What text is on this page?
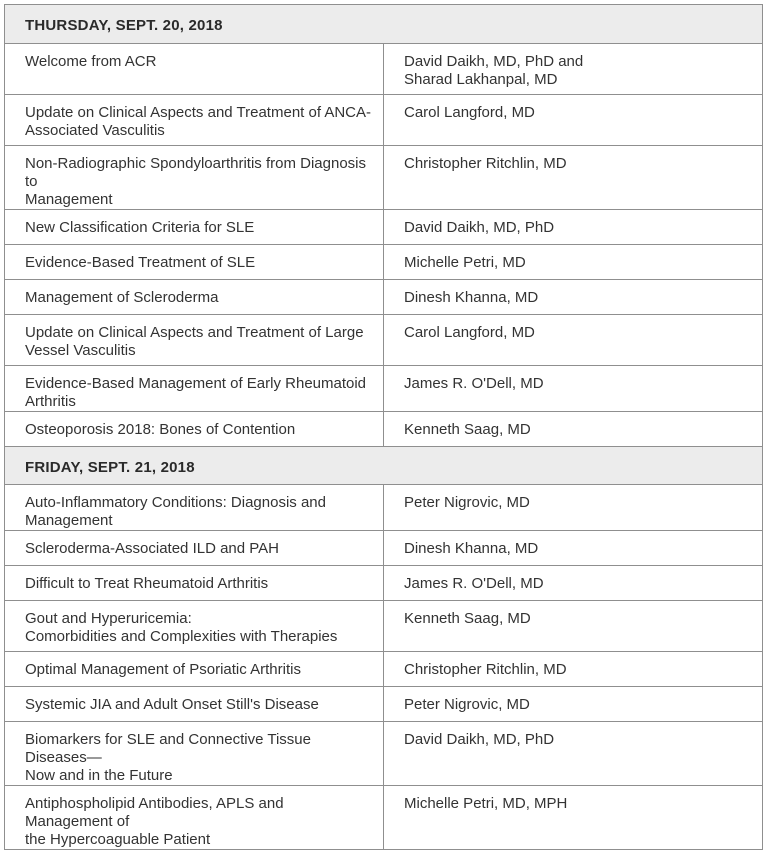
THURSDAY, SEPT. 20, 2018	

Welcome from ACR	David Daikh, MD, PhD and
Sharad Lakhanpal, MD

Update on Clinical Aspects and Treatment of ANCA-
Associated Vasculitis	Carol Langford, MD

Non-Radiographic Spondyloarthritis from Diagnosis to
Management	Christopher Ritchlin, MD

New Classification Criteria for SLE	David Daikh, MD, PhD

Evidence-Based Treatment of SLE	Michelle Petri, MD

Management of Scleroderma	Dinesh Khanna, MD

Update on Clinical Aspects and Treatment of Large
Vessel Vasculitis	Carol Langford, MD

Evidence-Based Management of Early Rheumatoid Arthritis	James R. O'Dell, MD

Osteoporosis 2018: Bones of Contention	Kenneth Saag, MD

FRIDAY, SEPT. 21, 2018	

Auto-Inflammatory Conditions: Diagnosis and Management	Peter Nigrovic, MD

Scleroderma-Associated ILD and PAH	Dinesh Khanna, MD

Difficult to Treat Rheumatoid Arthritis	James R. O'Dell, MD

Gout and Hyperuricemia:
Comorbidities and Complexities with Therapies	Kenneth Saag, MD

Optimal Management of Psoriatic Arthritis	Christopher Ritchlin, MD

Systemic JIA and Adult Onset Still's Disease	Peter Nigrovic, MD

Biomarkers for SLE and Connective Tissue Diseases—
Now and in the Future	David Daikh, MD, PhD

Antiphospholipid Antibodies, APLS and Management of
the Hypercoaguable Patient	Michelle Petri, MD, MPH
